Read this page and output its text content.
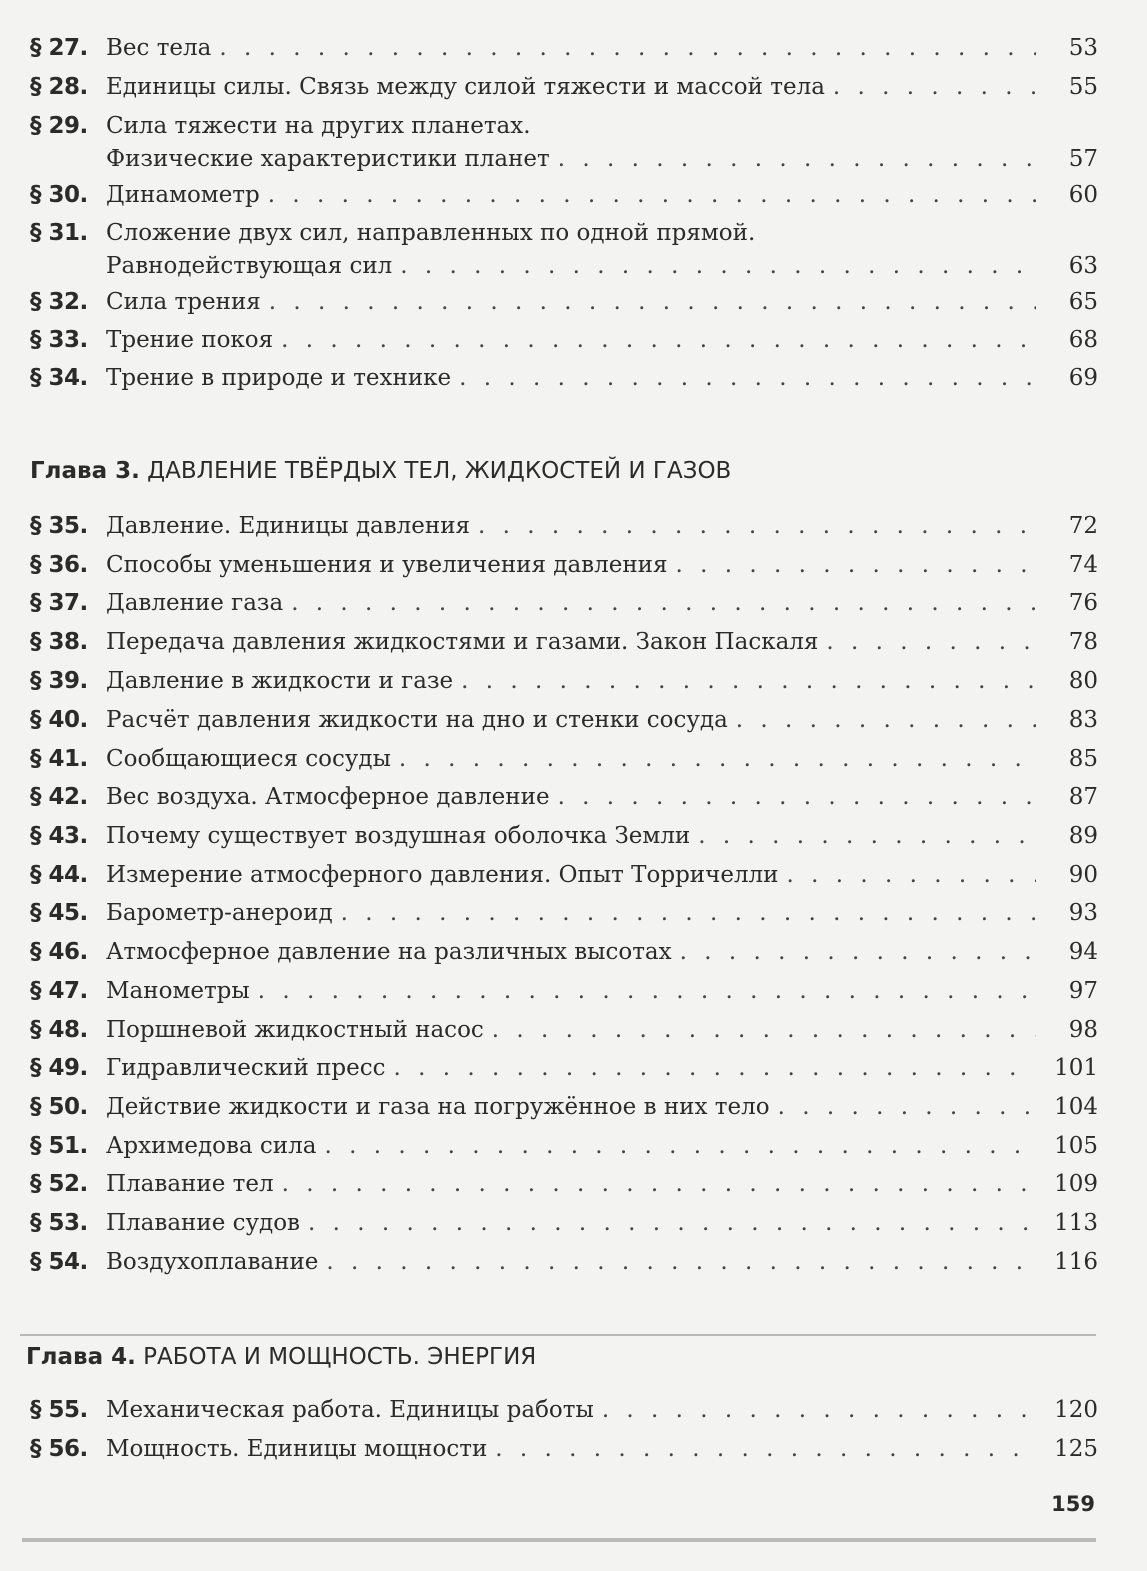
§ 27. Вес тела . . .	53
§ 28. Единицы силы. Связь между силой тяжести и массой тела . . .	55
§ 29. Сила тяжести на других планетах.
Физические характеристики планет . . .	57
§ 30. Динамометр . . .	60
§ 31. Сложение двух сил, направленных по одной прямой.
Равнодействующая сил . . .	63
§ 32. Сила трения . . .	65
§ 33. Трение покоя . . .	68
§ 34. Трение в природе и технике . . .	69
Глава 3. ДАВЛЕНИЕ ТВЁРДЫХ ТЕЛ, ЖИДКОСТЕЙ И ГАЗОВ
§ 35. Давление. Единицы давления . . .	72
§ 36. Способы уменьшения и увеличения давления . . .	74
§ 37. Давление газа . . .	76
§ 38. Передача давления жидкостями и газами. Закон Паскаля . . .	78
§ 39. Давление в жидкости и газе . . .	80
§ 40. Расчёт давления жидкости на дно и стенки сосуда . . .	83
§ 41. Сообщающиеся сосуды . . .	85
§ 42. Вес воздуха. Атмосферное давление . . .	87
§ 43. Почему существует воздушная оболочка Земли . . .	89
§ 44. Измерение атмосферного давления. Опыт Торричелли . . .	90
§ 45. Барометр-анероид . . .	93
§ 46. Атмосферное давление на различных высотах . . .	94
§ 47. Манометры . . .	97
§ 48. Поршневой жидкостный насос . . .	98
§ 49. Гидравлический пресс . . .	101
§ 50. Действие жидкости и газа на погружённое в них тело . . .	104
§ 51. Архимедова сила . . .	105
§ 52. Плавание тел . . .	109
§ 53. Плавание судов . . .	113
§ 54. Воздухоплавание . . .	116
Глава 4. РАБОТА И МОЩНОСТЬ. ЭНЕРГИЯ
§ 55. Механическая работа. Единицы работы . . .	120
§ 56. Мощность. Единицы мощности . . .	125
159
